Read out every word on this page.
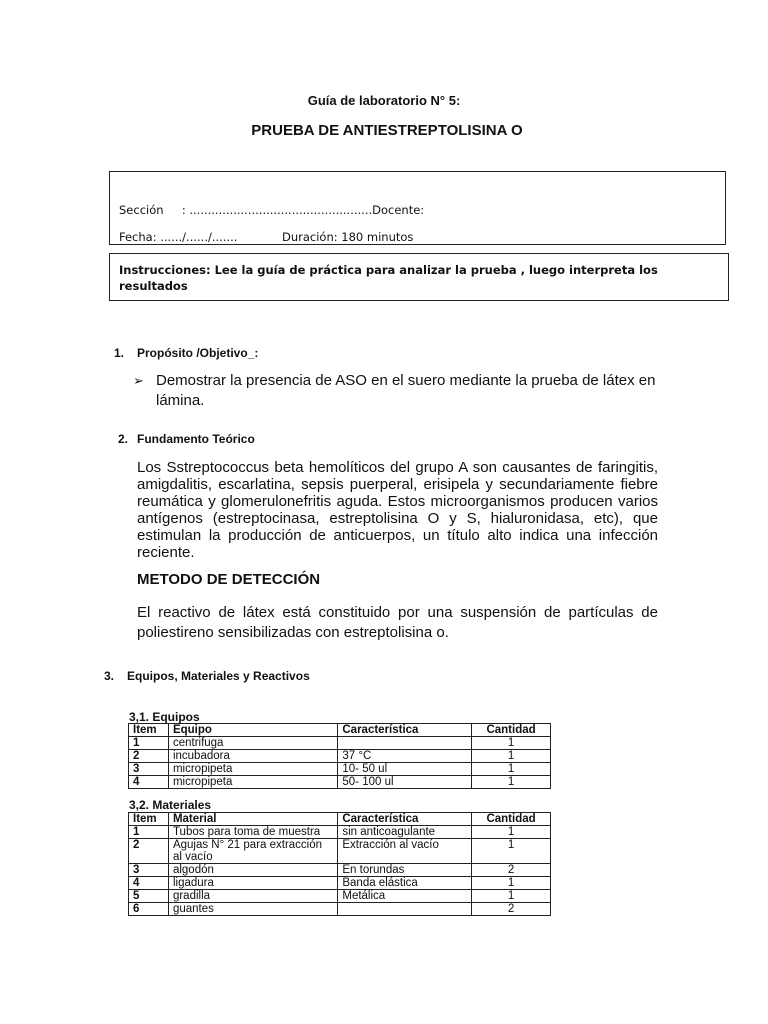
Guía de laboratorio N° 5:
PRUEBA DE ANTIESTREPTOLISINA O
Sección     : ..................................................Docente:
Fecha: ....../....../.......	Duración: 180 minutos
Instrucciones: Lee la guía de práctica para analizar la prueba , luego interpreta los resultados
1. Propósito /Objetivo_:
➢ Demostrar la presencia de ASO en el suero mediante la prueba de látex en lámina.
2. Fundamento Teórico
Los Sstreptococcus beta hemolíticos del grupo A son causantes de faringitis, amigdalitis, escarlatina, sepsis puerperal, erisipela y secundariamente fiebre reumática y glomerulonefritis aguda. Estos microorganismos producen varios antígenos (estreptocinasa, estreptolisina O y S, hialuronidasa, etc), que estimulan la producción de anticuerpos, un título alto indica una infección reciente.
METODO DE DETECCIÓN
El reactivo de látex está constituido por una suspensión de partículas de poliestireno sensibilizadas con estreptolisina o.
3. Equipos, Materiales y Reactivos
3,1. Equipos
Item	Equipo	Característica	Cantidad
1	centrifuga		1
2	incubadora	37 °C	1
3	micropipeta	10- 50 ul	1
4	micropipeta	50- 100 ul	1
3,2. Materiales
Item	Material	Característica	Cantidad
1	Tubos para toma de muestra	sin anticoagulante	1
2	Agujas N° 21 para extracción al vacío	Extracción al vacío	1
3	algodón	En torundas	2
4	ligadura	Banda elástica	1
5	gradilla	Metálica	1
6	guantes		2
